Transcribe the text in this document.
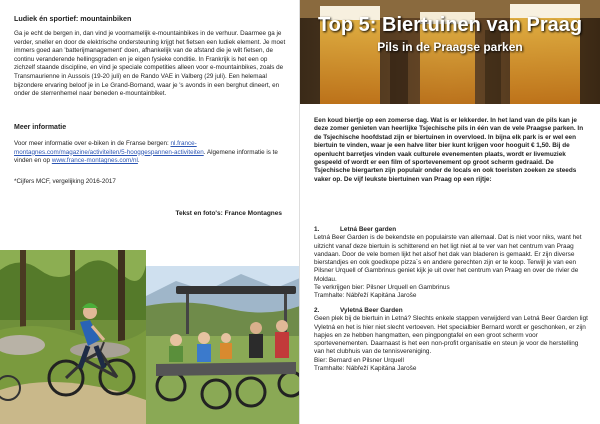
Ludiek én sportief: mountainbiken
Ga je echt de bergen in, dan vind je voornamelijk e-mountainbikes in de verhuur. Daarmee ga je verder, sneller en door de elektrische ondersteuning krijgt het fietsen een ludiek element. Je moet immers goed aan 'batterijmanagement' doen, afhankelijk van de afstand die je wilt fietsen, de continu veranderende hellingsgraden en je eigen fysieke conditie. In Frankrijk is het een op zichzelf staande discipline, en vind je speciale competities alleen voor e-mountainbikes, zoals de Transmaurienne in Aussois (19-20 juli) en de Rando VAE in Valberg (29 juli). Een helemaal bijzondere ervaring beloof je in Le Grand-Bornand, waar je 's avonds in een berghut dineert, en onder de sterrenhemel naar beneden e-mountainbiket.
Meer informatie
Voor meer informatie over e-biken in de Franse bergen: nl.france-montagnes.com/magazine/activiteiten/5-hooggespannen-activiteiten. Algemene informatie is te vinden en op www.france-montagnes.com/nl.
*Cijfers MCF, vergelijking 2016-2017
Tekst en foto's: France Montagnes
Top 5: Biertuinen van Praag
Pils in de Praagse parken
Een koud biertje op een zomerse dag. Wat is er lekkerder. In het land van de pils kan je deze zomer genieten van heerlijke Tsjechische pils in één van de vele Praagse parken. In de Tsjechische hoofdstad zijn er biertuinen in overvloed. In bijna elk park is er wel een biertuin te vinden, waar je een halve liter bier kunt krijgen voor hooguit € 1,50. Bij de openlucht barretjes vinden vaak culturele evenementen plaats, wordt er livemuziek gespeeld of wordt er een film of sportevenement op groot scherm gedraaid. De Tsjechische biergarten zijn populair onder de locals en ook toeristen zoeken ze steeds vaker op. De vijf leukste biertuinen van Praag op een rijtje:
1.	Letná Beer garden
Letná Beer Garden is de bekendste en populairste van allemaal. Dat is niet voor niks, want het uitzicht vanaf deze biertuin is schitterend en het ligt niet al te ver van het centrum van Praag vandaan. Door de vele bomen lijkt het alsof het dak van bladeren is gemaakt. Er zijn diverse bierstandjes en ook goedkope pizza´s en andere gerechten zijn er te koop. Terwijl je van een Pilsner Urquell of Gambrinus geniet kijk je uit over het centrum van Praag en over de rivier de Moldau.
Te verkrijgen bier: Pilsner Urquell en Gambrinus
Tramhalte: Nábřeží Kapitána Jaroše
2.	Vyletná Beer Garden
Geen plek bij de biertuin in Letná? Slechts enkele stappen verwijderd van Letná Beer Garden ligt Vyletná en het is hier niet slecht vertoeven. Het specialbier Bernard wordt er geschonken, er zijn hapjes en ze hebben hangmatten, een pingpongtafel en een groot scherm voor sportevenementen. Daarnaast is het een non-profit organisatie en steun je voor de herstelling van het clubhuis van de tennisvereniging.
Bier: Bernard en Pilsner Urquell
Tramhalte: Nábřeží Kapitána Jaroše
